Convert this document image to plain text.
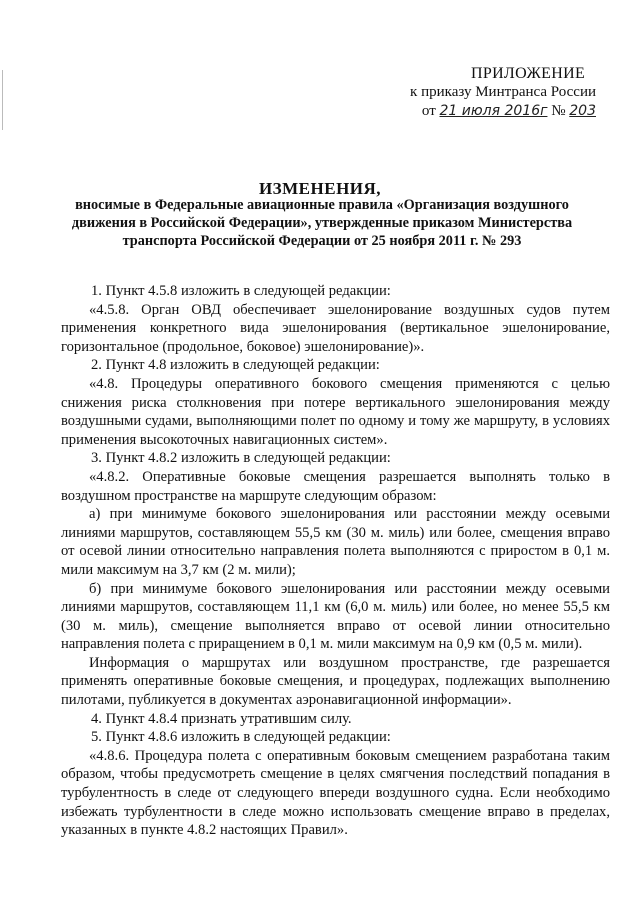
ПРИЛОЖЕНИЕ
к приказу Минтранса России
от 21 июля 2016г № 203
ИЗМЕНЕНИЯ,
вносимые в Федеральные авиационные правила «Организация воздушного
движения в Российской Федерации», утвержденные приказом Министерства
транспорта Российской Федерации от 25 ноября 2011 г. № 293

1. Пункт 4.5.8 изложить в следующей редакции:

«4.5.8. Орган ОВД обеспечивает эшелонирование воздушных судов путем применения конкретного вида эшелонирования (вертикальное эшелонирование, горизонтальное (продольное, боковое) эшелонирование)».

2. Пункт 4.8 изложить в следующей редакции:

«4.8. Процедуры оперативного бокового смещения применяются с целью снижения риска столкновения при потере вертикального эшелонирования между воздушными судами, выполняющими полет по одному и тому же маршруту, в условиях применения высокоточных навигационных систем».

3. Пункт 4.8.2 изложить в следующей редакции:

«4.8.2. Оперативные боковые смещения разрешается выполнять только в воздушном пространстве на маршруте следующим образом:

а) при минимуме бокового эшелонирования или расстоянии между осевыми линиями маршрутов, составляющем 55,5 км (30 м. миль) или более, смещения вправо от осевой линии относительно направления полета выполняются с приростом в 0,1 м. мили максимум на 3,7 км (2 м. мили);

б) при минимуме бокового эшелонирования или расстоянии между осевыми линиями маршрутов, составляющем 11,1 км (6,0 м. миль) или более, но менее 55,5 км (30 м. миль), смещение выполняется вправо от осевой линии относительно направления полета с приращением в 0,1 м. мили максимум на 0,9 км (0,5 м. мили).

Информация о маршрутах или воздушном пространстве, где разрешается применять оперативные боковые смещения, и процедурах, подлежащих выполнению пилотами, публикуется в документах аэронавигационной информации».

4. Пункт 4.8.4 признать утратившим силу.

5. Пункт 4.8.6 изложить в следующей редакции:

«4.8.6. Процедура полета с оперативным боковым смещением разработана таким образом, чтобы предусмотреть смещение в целях смягчения последствий попадания в турбулентность в следе от следующего впереди воздушного судна. Если необходимо избежать турбулентности в следе можно использовать смещение вправо в пределах, указанных в пункте 4.8.2 настоящих Правил».
